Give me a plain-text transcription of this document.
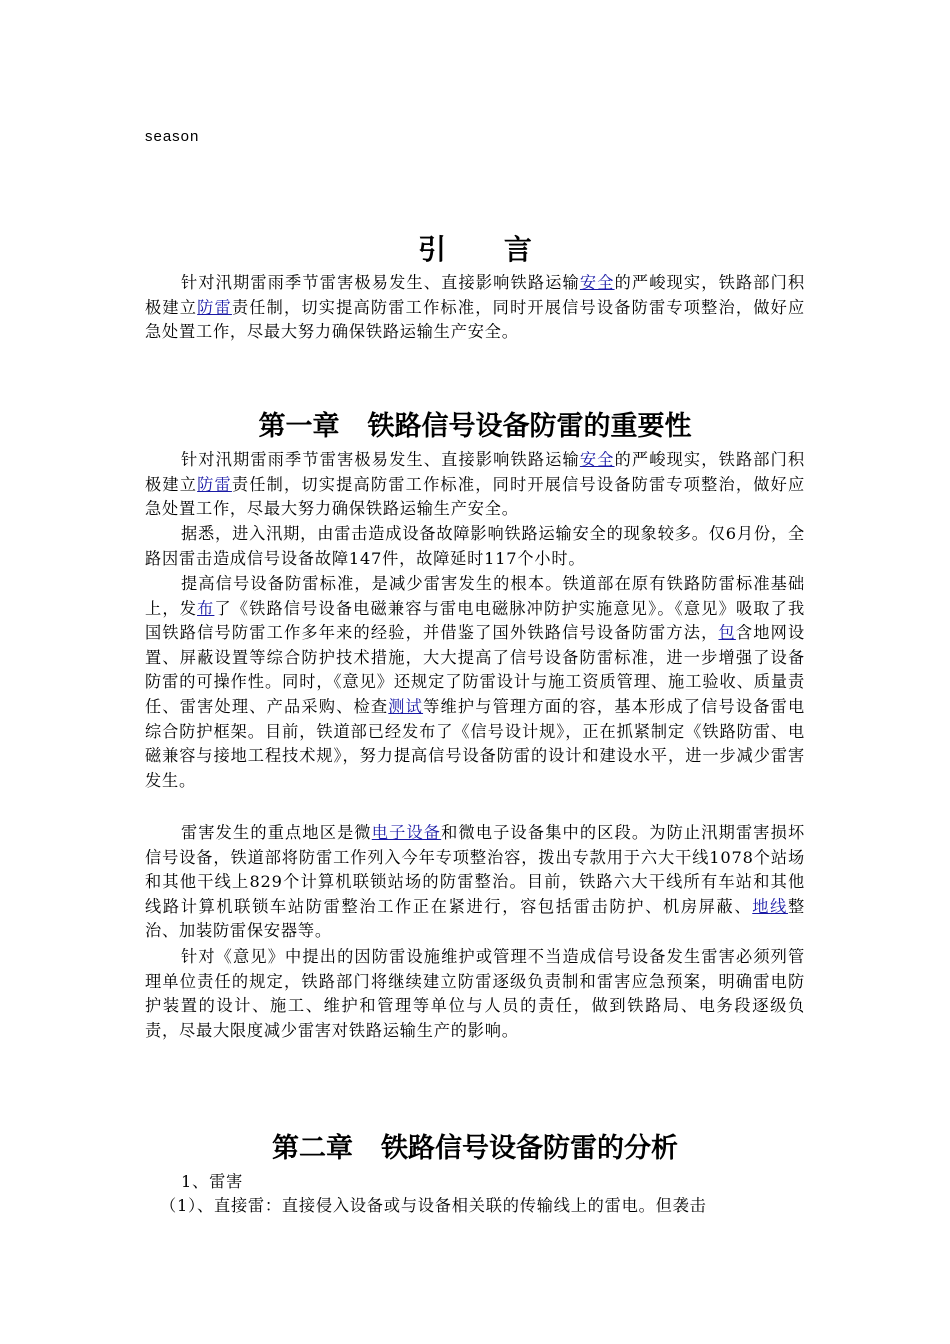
season
引 言

针对汛期雷雨季节雷害极易发生、直接影响铁路运输安全的严峻现实，铁路部门积极建立防雷责任制，切实提高防雷工作标准，同时开展信号设备防雷专项整治，做好应急处置工作，尽最大努力确保铁路运输生产安全。

第一章 铁路信号设备防雷的重要性

针对汛期雷雨季节雷害极易发生、直接影响铁路运输安全的严峻现实，铁路部门积极建立防雷责任制，切实提高防雷工作标准，同时开展信号设备防雷专项整治，做好应急处置工作，尽最大努力确保铁路运输生产安全。

据悉，进入汛期，由雷击造成设备故障影响铁路运输安全的现象较多。仅6月份，全路因雷击造成信号设备故障147件，故障延时117个小时。

提高信号设备防雷标准，是减少雷害发生的根本。铁道部在原有铁路防雷标准基础上，发布了《铁路信号设备电磁兼容与雷电电磁脉冲防护实施意见》。《意见》吸取了我国铁路信号防雷工作多年来的经验，并借鉴了国外铁路信号设备防雷方法，包含地网设置、屏蔽设置等综合防护技术措施，大大提高了信号设备防雷标准，进一步增强了设备防雷的可操作性。同时，《意见》还规定了防雷设计与施工资质管理、施工验收、质量责任、雷害处理、产品采购、检查测试等维护与管理方面的容，基本形成了信号设备雷电综合防护框架。目前，铁道部已经发布了《信号设计规》，正在抓紧制定《铁路防雷、电磁兼容与接地工程技术规》，努力提高信号设备防雷的设计和建设水平，进一步减少雷害发生。

雷害发生的重点地区是微电子设备和微电子设备集中的区段。为防止汛期雷害损坏信号设备，铁道部将防雷工作列入今年专项整治容，拨出专款用于六大干线1078个站场和其他干线上829个计算机联锁站场的防雷整治。目前，铁路六大干线所有车站和其他线路计算机联锁车站防雷整治工作正在紧进行，容包括雷击防护、机房屏蔽、地线整治、加装防雷保安器等。

针对《意见》中提出的因防雷设施维护或管理不当造成信号设备发生雷害必须列管理单位责任的规定，铁路部门将继续建立防雷逐级负责制和雷害应急预案，明确雷电防护装置的设计、施工、维护和管理等单位与人员的责任，做到铁路局、电务段逐级负责，尽最大限度减少雷害对铁路运输生产的影响。

第二章 铁路信号设备防雷的分析

1、雷害

（1）、直接雷：直接侵入设备或与设备相关联的传输线上的雷电。但袭击
